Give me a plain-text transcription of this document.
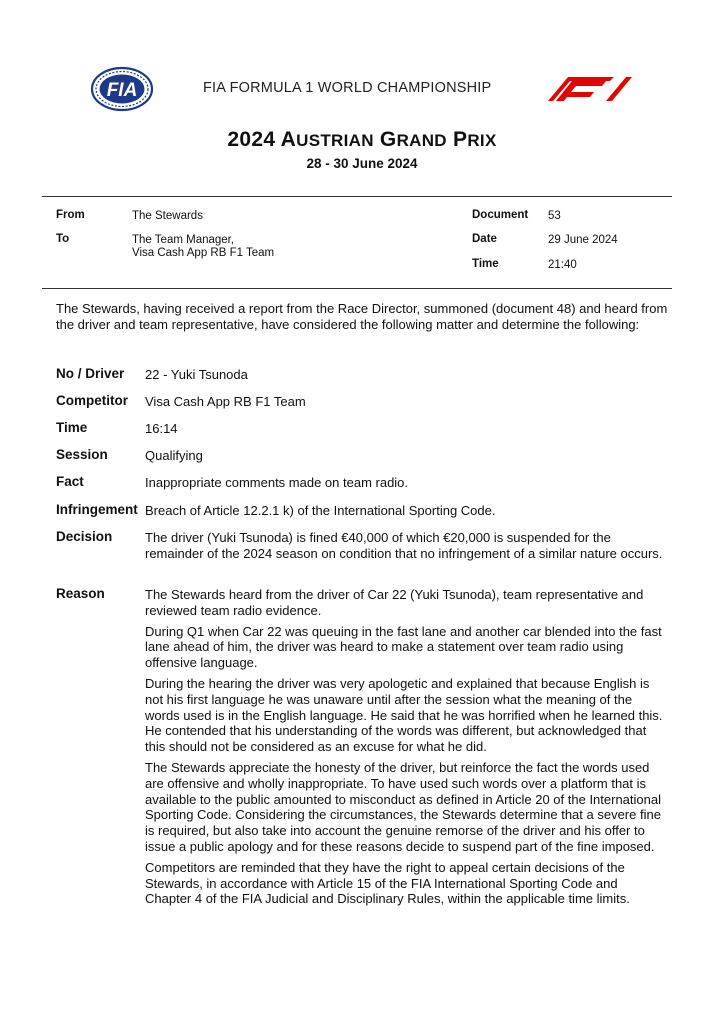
FIA	FIA FORMULA 1 WORLD CHAMPIONSHIP
F1
2024 AUSTRIAN GRAND PRIX
28 - 30 June 2024
From	The Stewards
To	The Team Manager,
Visa Cash App RB F1 Team
Document 53
Date	29 June 2024
Time	21:40
The Stewards, having received a report from the Race Director, summoned (document 48) and heard from the driver and team representative, have considered the following matter and determine the following:
No / Driver 22 - Yuki Tsunoda
Competitor Visa Cash App RB F1 Team
Time	16:14
Session	Qualifying
Fact	Inappropriate comments made on team radio.
Infringement Breach of Article 12.2.1 k) of the International Sporting Code.
Decision	The driver (Yuki Tsunoda) is fined €40,000 of which €20,000 is suspended for the remainder of the 2024 season on condition that no infringement of a similar nature occurs.
Reason	The Stewards heard from the driver of Car 22 (Yuki Tsunoda), team representative and reviewed team radio evidence.

During Q1 when Car 22 was queuing in the fast lane and another car blended into the fast lane ahead of him, the driver was heard to make a statement over team radio using offensive language.

During the hearing the driver was very apologetic and explained that because English is not his first language he was unaware until after the session what the meaning of the words used is in the English language. He said that he was horrified when he learned this. He contended that his understanding of the words was different, but acknowledged that this should not be considered as an excuse for what he did.

The Stewards appreciate the honesty of the driver, but reinforce the fact the words used are offensive and wholly inappropriate. To have used such words over a platform that is available to the public amounted to misconduct as defined in Article 20 of the International Sporting Code. Considering the circumstances, the Stewards determine that a severe fine is required, but also take into account the genuine remorse of the driver and his offer to issue a public apology and for these reasons decide to suspend part of the fine imposed.

Competitors are reminded that they have the right to appeal certain decisions of the Stewards, in accordance with Article 15 of the FIA International Sporting Code and Chapter 4 of the FIA Judicial and Disciplinary Rules, within the applicable time limits.
